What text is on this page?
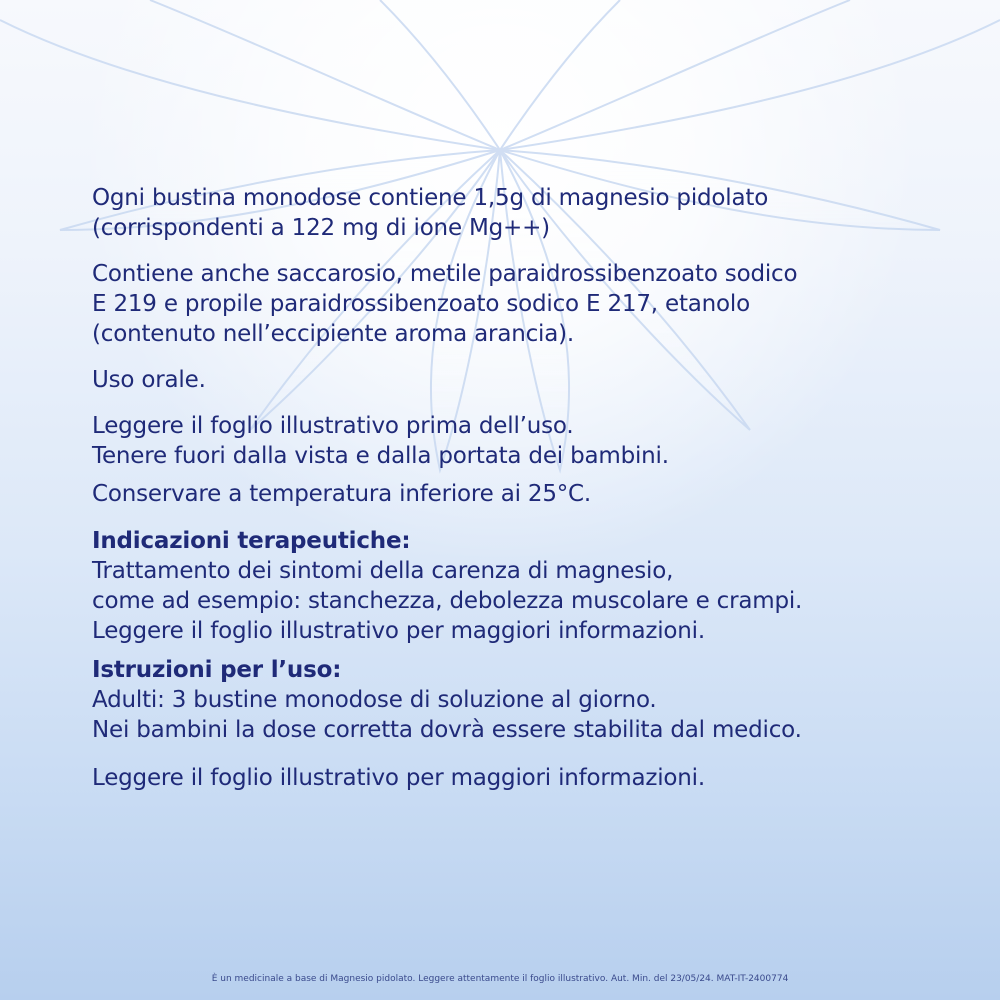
Ogni bustina monodose contiene 1,5g di magnesio pidolato
(corrispondenti a 122 mg di ione Mg++)

Contiene anche saccarosio, metile paraidrossibenzoato sodico
E 219 e propile paraidrossibenzoato sodico E 217, etanolo
(contenuto nell’eccipiente aroma arancia).

Uso orale.

Leggere il foglio illustrativo prima dell’uso.
Tenere fuori dalla vista e dalla portata dei bambini.

Conservare a temperatura inferiore ai 25°C.

Indicazioni terapeutiche:
Trattamento dei sintomi della carenza di magnesio,
come ad esempio: stanchezza, debolezza muscolare e crampi.
Leggere il foglio illustrativo per maggiori informazioni.

Istruzioni per l’uso:
Adulti: 3 bustine monodose di soluzione al giorno.
Nei bambini la dose corretta dovrà essere stabilita dal medico.

Leggere il foglio illustrativo per maggiori informazioni.

È un medicinale a base di Magnesio pidolato. Leggere attentamente il foglio illustrativo. Aut. Min. del 23/05/24. MAT-IT-2400774
